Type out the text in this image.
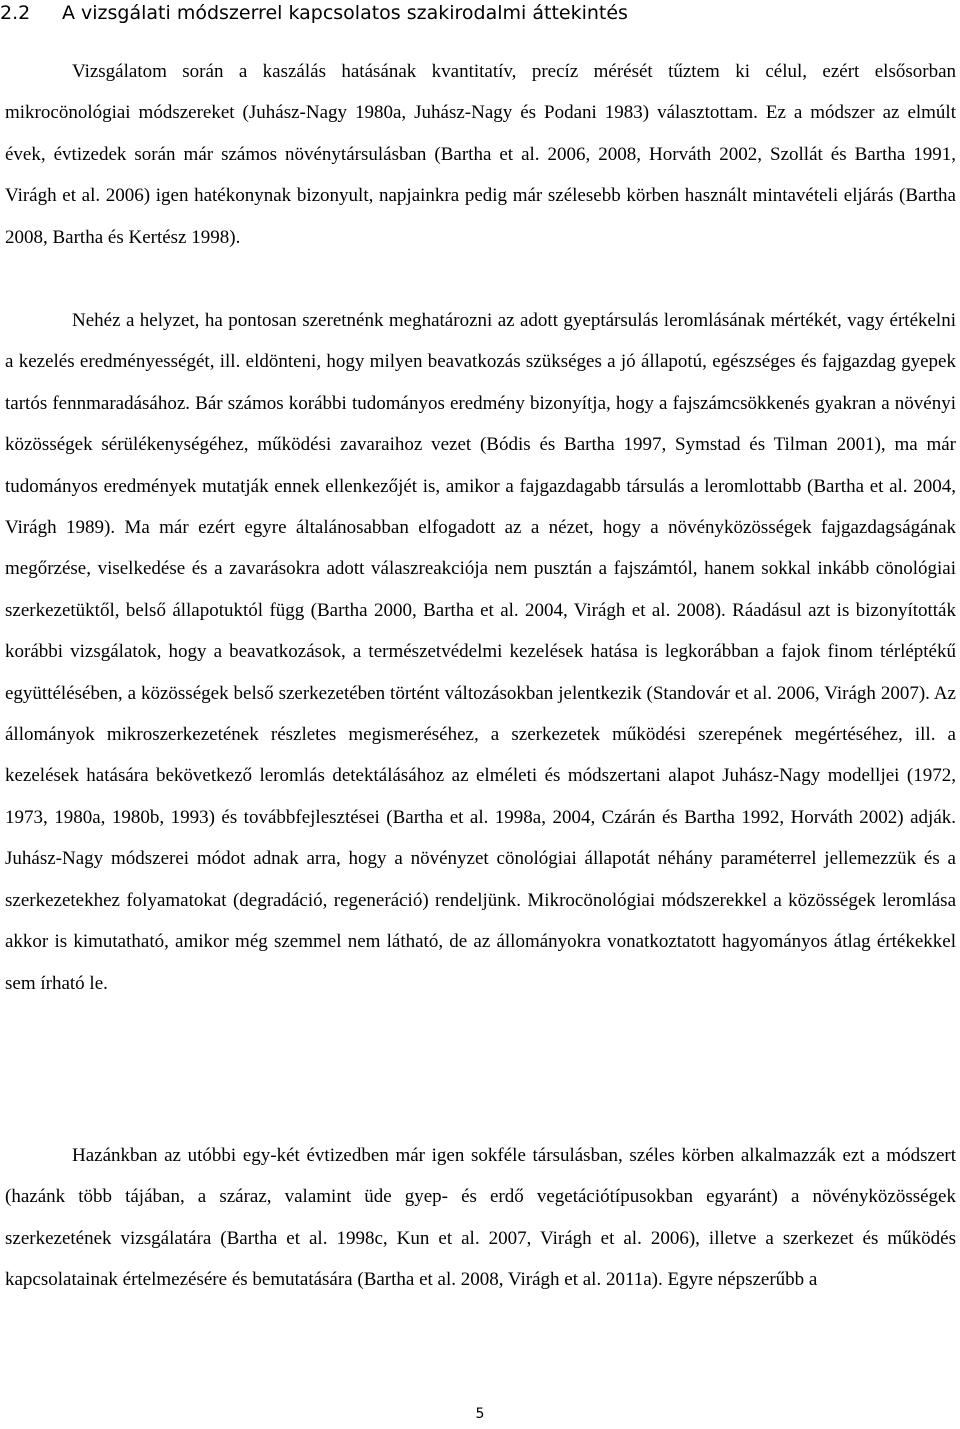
2.2 A vizsgálati módszerrel kapcsolatos szakirodalmi áttekintés

Vizsgálatom során a kaszálás hatásának kvantitatív, precíz mérését tűztem ki célul, ezért elsősorban mikrocönológiai módszereket (Juhász-Nagy 1980a, Juhász-Nagy és Podani 1983) választottam. Ez a módszer az elmúlt évek, évtizedek során már számos növénytársulásban (Bartha et al. 2006, 2008, Horváth 2002, Szollát és Bartha 1991, Virágh et al. 2006) igen hatékonynak bizonyult, napjainkra pedig már szélesebb körben használt mintavételi eljárás (Bartha 2008, Bartha és Kertész 1998).

Nehéz a helyzet, ha pontosan szeretnénk meghatározni az adott gyeptársulás leromlásának mértékét, vagy értékelni a kezelés eredményességét, ill. eldönteni, hogy milyen beavatkozás szükséges a jó állapotú, egészséges és fajgazdag gyepek tartós fennmaradásához. Bár számos korábbi tudományos eredmény bizonyítja, hogy a fajszámcsökkenés gyakran a növényi közösségek sérülékenységéhez, működési zavaraihoz vezet (Bódis és Bartha 1997, Symstad és Tilman 2001), ma már tudományos eredmények mutatják ennek ellenkezőjét is, amikor a fajgazdagabb társulás a leromlottabb (Bartha et al. 2004, Virágh 1989). Ma már ezért egyre általánosabban elfogadott az a nézet, hogy a növényközösségek fajgazdagságának megőrzése, viselkedése és a zavarásokra adott válaszreakciója nem pusztán a fajszámtól, hanem sokkal inkább cönológiai szerkezetüktől, belső állapotuktól függ (Bartha 2000, Bartha et al. 2004, Virágh et al. 2008). Ráadásul azt is bizonyították korábbi vizsgálatok, hogy a beavatkozások, a természetvédelmi kezelések hatása is legkorábban a fajok finom térléptékű együttélésében, a közösségek belső szerkezetében történt változásokban jelentkezik (Standovár et al. 2006, Virágh 2007). Az állományok mikroszerkezetének részletes megismeréséhez, a szerkezetek működési szerepének megértéséhez, ill. a kezelések hatására bekövetkező leromlás detektálásához az elméleti és módszertani alapot Juhász-Nagy modelljei (1972, 1973, 1980a, 1980b, 1993) és továbbfejlesztései (Bartha et al. 1998a, 2004, Czárán és Bartha 1992, Horváth 2002) adják. Juhász-Nagy módszerei módot adnak arra, hogy a növényzet cönológiai állapotát néhány paraméterrel jellemezzük és a szerkezetekhez folyamatokat (degradáció, regeneráció) rendeljünk. Mikrocönológiai módszerekkel a közösségek leromlása akkor is kimutatható, amikor még szemmel nem látható, de az állományokra vonatkoztatott hagyományos átlag értékekkel sem írható le.

Hazánkban az utóbbi egy-két évtizedben már igen sokféle társulásban, széles körben alkalmazzák ezt a módszert (hazánk több tájában, a száraz, valamint üde gyep- és erdő vegetációtípusokban egyaránt) a növényközösségek szerkezetének vizsgálatára (Bartha et al. 1998c, Kun et al. 2007, Virágh et al. 2006), illetve a szerkezet és működés kapcsolatainak értelmezésére és bemutatására (Bartha et al. 2008, Virágh et al. 2011a). Egyre népszerűbb a

5
